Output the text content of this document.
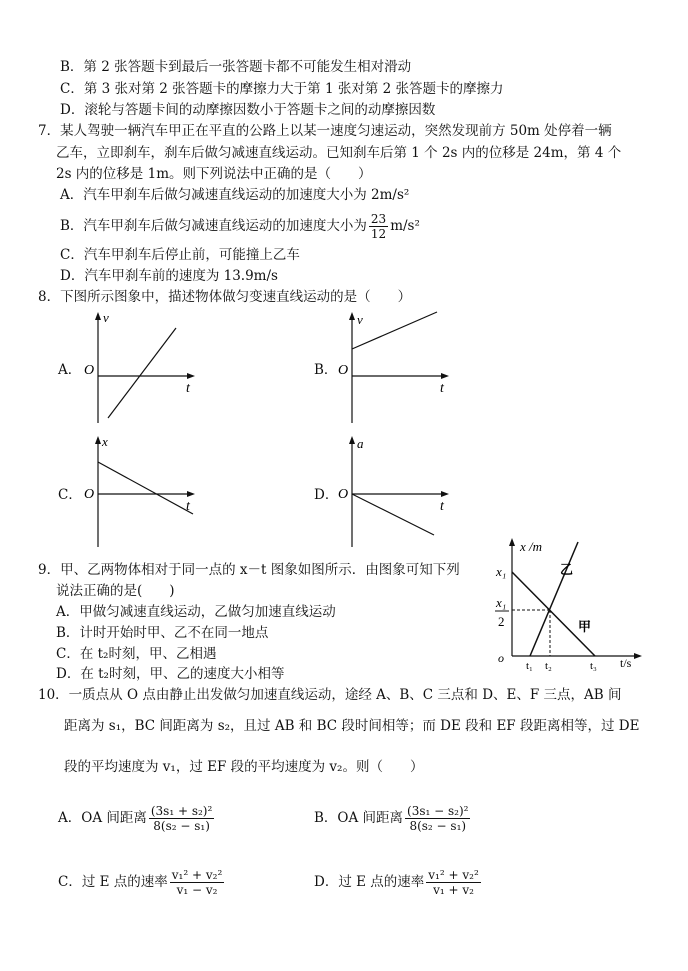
B．第 2 张答题卡到最后一张答题卡都不可能发生相对滑动
C．第 3 张对第 2 张答题卡的摩擦力大于第 1 张对第 2 张答题卡的摩擦力
D．滚轮与答题卡间的动摩擦因数小于答题卡之间的动摩擦因数
7．某人驾驶一辆汽车甲正在平直的公路上以某一速度匀速运动，突然发现前方 50m 处停着一辆
乙车，立即刹车，刹车后做匀减速直线运动。已知刹车后第 1 个 2s 内的位移是 24m，第 4 个
2s 内的位移是 1m。则下列说法中正确的是（　　）
A．汽车甲刹车后做匀减速直线运动的加速度大小为 2m/s²
B．汽车甲刹车后做匀减速直线运动的加速度大小为 $\frac{23}{12} m/s^2$
C．汽车甲刹车后停止前，可能撞上乙车
D．汽车甲刹车前的速度为 13.9m/s
8．下图所示图象中，描述物体做匀变速直线运动的是（　　）
A．
v
O
t
B．
v
O
t
C．
x
O
t
D．
a
O
t
9．甲、乙两物体相对于同一点的 x－t 图象如图所示．由图象可知下列
说法正确的是(　　)
A．甲做匀减速直线运动，乙做匀加速直线运动
B．计时开始时甲、乙不在同一地点
C．在 t₂时刻，甲、乙相遇
D．在 t₂时刻，甲、乙的速度大小相等
x /m
x₁
x₁
2
o
t₁ t₂	t₃ t/s
乙
甲
10．一质点从 O 点由静止出发做匀加速直线运动，途经 A、B、C 三点和 D、E、F 三点，AB 间
距离为 s₁，BC 间距离为 s₂，且过 AB 和 BC 段时间相等；而 DE 段和 EF 段距离相等，过 DE
段的平均速度为 v₁，过 EF 段的平均速度为 v₂。则（　　）
A．OA 间距离 $\frac{\text{(3s₁ + s₂)²}}{\text{8(s₂ − s₁)}}$	B．OA 间距离 $\frac{\text{(3s₁ − s₂)²}}{\text{8(s₂ − s₁)}}$
C．过 E 点的速率 $\frac{\text{v₁² + v₂²}}{\text{v₁ − v₂}}$	D．过 E 点的速率 $\frac{\text{v₁² + v₂²}}{\text{v₁ + v₂}}$
